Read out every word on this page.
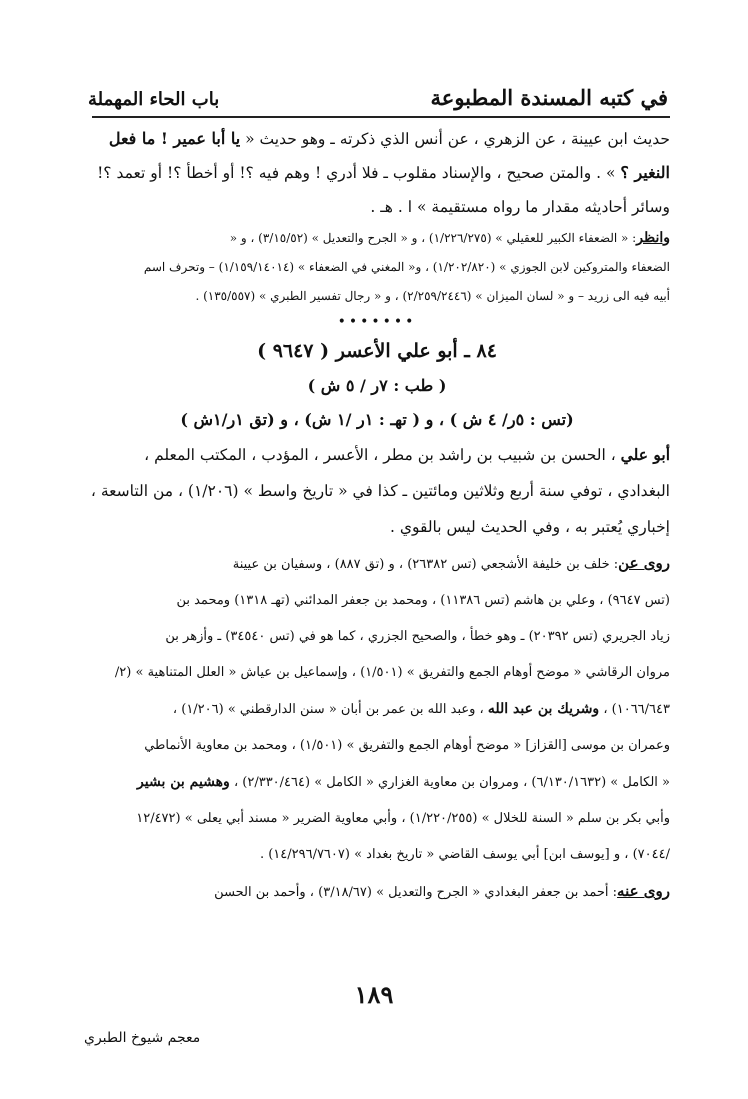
في كتبه المسندة المطبوعة
باب الحاء المهملة
حديث ابن عيينة ، عن الزهري ، عن أنس الذي ذكرته ـ وهو حديث « يا أبا عمير ! ما فعل
النغير ؟ » . والمتن صحيح ، والإسناد مقلوب ـ فلا أدري ! وهم فيه ؟! أو أخطأ ؟! أو تعمد ؟!
وسائر أحاديثه مقدار ما رواه مستقيمة » ا . هـ .
وانظر: « الضعفاء الكبير للعقيلي » (١/٢٢٦/٢٧٥) ، و « الجرح والتعديل » (٣/١٥/٥٢) ، و «
الضعفاء والمتروكين لابن الجوزي » (١/٢٠٢/٨٢٠) ، و« المغني في الضعفاء » (١/١٥٩/١٤٠١٤) – وتحرف اسم
أبيه فيه الى زريد – و « لسان الميزان » (٢/٢٥٩/٢٤٤٦) ، و « رجال تفسير الطبري » (١٣٥/٥٥٧) .
•••••••
٨٤ ـ أبو علي الأعسر ( ٩٦٤٧ )
( طب : ٧ر / ٥ ش )
(تس : ٥ر/ ٤ ش ) ، و ( تهـ : ١ر /١ ش) ، و (تق ١ر/١ش )
أبو علي ، الحسن بن شبيب بن راشد بن مطر ، الأعسر ، المؤدب ، المكتب المعلم ،
البغدادي ، توفي سنة أربع وثلاثين ومائتين ـ كذا في « تاريخ واسط » (١/٢٠٦) ، من التاسعة ،
إخباري يُعتبر به ، وفي الحديث ليس بالقوي .
روى عن: خلف بن خليفة الأشجعي (تس ٢٦٣٨٢) ، و (تق ٨٨٧) ، وسفيان بن عيينة
(تس ٩٦٤٧) ، وعلي بن هاشم (تس ١١٣٨٦) ، ومحمد بن جعفر المدائني (تهـ ١٣١٨) ومحمد بن
زياد الجريري (تس ٢٠٣٩٢) ـ وهو خطأ ، والصحيح الجزري ، كما هو في (تس ٣٤٥٤٠) ـ وأزهر بن
مروان الرقاشي « موضح أوهام الجمع والتفريق » (١/٥٠١) ، وإسماعيل بن عياش « العلل المتناهية » (٢/
١٠٦٦/٦٤٣) ، وشريك بن عبد الله ، وعبد الله بن عمر بن أبان « سنن الدارقطني » (١/٢٠٦) ،
وعمران بن موسى [القزاز] « موضح أوهام الجمع والتفريق » (١/٥٠١) ، ومحمد بن معاوية الأنماطي
« الكامل » (٦/١٣٠/١٦٣٢) ، ومروان بن معاوية الغزاري « الكامل » (٢/٣٣٠/٤٦٤) ، وهشيم بن بشير
وأبي بكر بن سلم « السنة للخلال » (١/٢٢٠/٢٥٥) ، وأبي معاوية الضرير « مسند أبي يعلى » (١٢/٤٧٢
/٧٠٤٤) ، و [يوسف ابن] أبي يوسف القاضي « تاريخ بغداد » (١٤/٢٩٦/٧٦٠٧) .
روى عنه: أحمد بن جعفر البغدادي « الجرح والتعديل » (٣/١٨/٦٧) ، وأحمد بن الحسن
١٨٩
معجم شيوخ الطبري
